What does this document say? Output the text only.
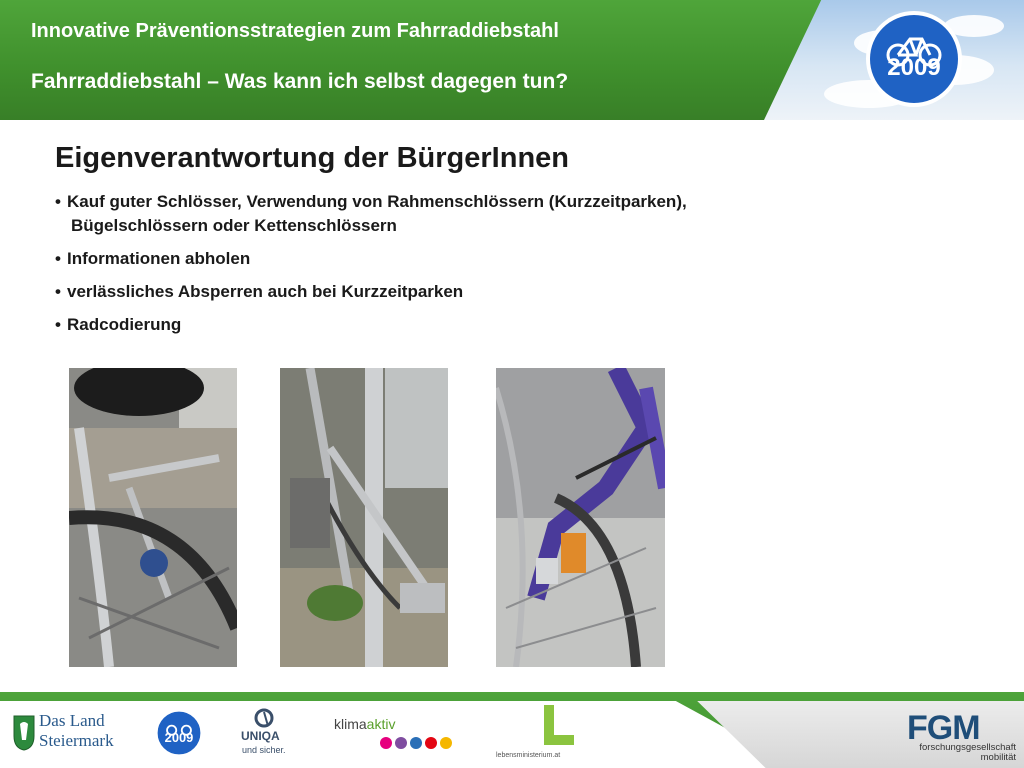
Innovative Präventionsstrategien zum Fahrraddiebstahl
Fahrraddiebstahl – Was kann ich selbst dagegen tun?
2009
Eigenverantwortung der BürgerInnen
• Kauf guter Schlösser, Verwendung von Rahmenschlössern (Kurzzeitparken),
Bügelschlössern oder Kettenschlössern
• Informationen abholen
• verlässliches Absperren auch bei Kurzzeitparken
• Radcodierung
Das Land
Steiermark 2009	UNIQA
und sicher.
klimaaktiv
lebensministerium.at
FGM
forschungsgesellschaft
mobilität
